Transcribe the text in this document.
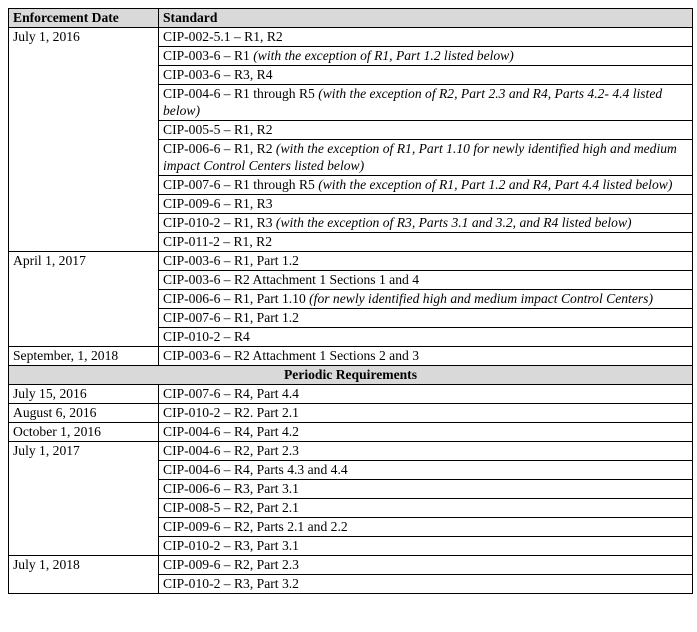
Enforcement Date	Standard
July 1, 2016	CIP-002-5.1 – R1, R2
	CIP-003-6 – R1 (with the exception of R1, Part 1.2 listed below)
	CIP-003-6 – R3, R4
	CIP-004-6 – R1 through R5 (with the exception of R2, Part 2.3 and R4, Parts 4.2- 4.4 listed below)
	CIP-005-5 – R1, R2
	CIP-006-6 – R1, R2 (with the exception of R1, Part 1.10 for newly identified high and medium impact Control Centers listed below)
	CIP-007-6 – R1 through R5 (with the exception of R1, Part 1.2 and R4, Part 4.4 listed below)
	CIP-009-6 – R1, R3
	CIP-010-2 – R1, R3 (with the exception of R3, Parts 3.1 and 3.2, and R4 listed below)
	CIP-011-2 – R1, R2
April 1, 2017	CIP-003-6 – R1, Part 1.2
	CIP-003-6 – R2 Attachment 1 Sections 1 and 4
	CIP-006-6 – R1, Part 1.10 (for newly identified high and medium impact Control Centers)
	CIP-007-6 – R1, Part 1.2
	CIP-010-2 – R4
September, 1, 2018	CIP-003-6 – R2 Attachment 1 Sections 2 and 3
Periodic Requirements	
July 15, 2016	CIP-007-6 – R4, Part 4.4
August 6, 2016	CIP-010-2 – R2. Part 2.1
October 1, 2016	CIP-004-6 – R4, Part 4.2
July 1, 2017	CIP-004-6 – R2, Part 2.3
	CIP-004-6 – R4, Parts 4.3 and 4.4
	CIP-006-6 – R3, Part 3.1
	CIP-008-5 – R2, Part 2.1
	CIP-009-6 – R2, Parts 2.1 and 2.2
	CIP-010-2 – R3, Part 3.1
July 1, 2018	CIP-009-6 – R2, Part 2.3
	CIP-010-2 – R3, Part 3.2
